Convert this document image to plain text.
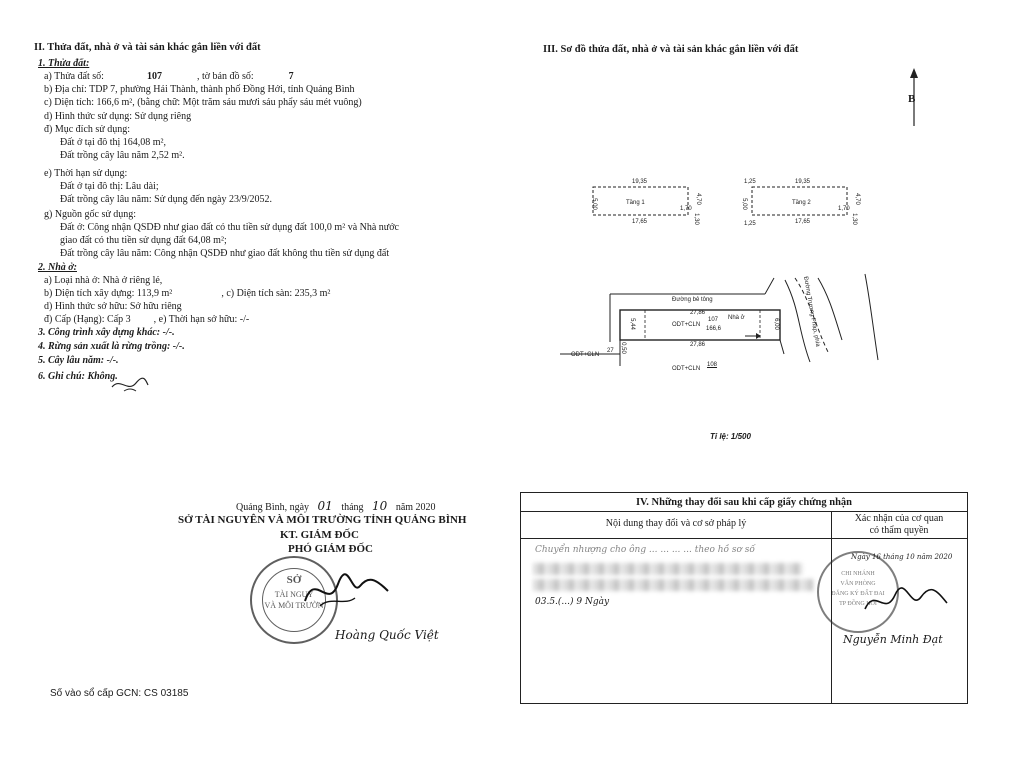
II. Thửa đất, nhà ở và tài sản khác gắn liền với đất
1. Thửa đất:
a) Thửa đất số:	107	, tờ bản đồ số:	7
b) Địa chỉ: TDP 7, phường Hải Thành, thành phố Đồng Hới, tỉnh Quảng Bình
c) Diện tích: 166,6 m², (bằng chữ: Một trăm sáu mươi sáu phẩy sáu mét vuông)
d) Hình thức sử dụng: Sử dụng riêng
đ) Mục đích sử dụng:
Đất ở tại đô thị 164,08 m²,
Đất trồng cây lâu năm 2,52 m².
e) Thời hạn sử dụng:
Đất ở tại đô thị: Lâu dài;
Đất trồng cây lâu năm: Sử dụng đến ngày 23/9/2052.
g) Nguồn gốc sử dụng:
Đất ở: Công nhận QSDĐ như giao đất có thu tiền sử dụng đất 100,0 m² và Nhà nước
giao đất có thu tiền sử dụng đất 64,08 m²;
Đất trồng cây lâu năm: Công nhận QSDĐ như giao đất không thu tiền sử dụng đất
2. Nhà ở:
a) Loại nhà ở: Nhà ở riêng lẻ,
b) Diện tích xây dựng: 113,9 m²	, c) Diện tích sàn: 235,3 m²
d) Hình thức sở hữu: Sở hữu riêng
đ) Cấp (Hạng): Cấp 3 , e) Thời hạn sở hữu: -/-
3. Công trình xây dựng khác: -/-.
4. Rừng sản xuất là rừng trồng: -/-.
5. Cây lâu năm: -/-.
6. Ghi chú: Không.
Quảng Bình, ngày 01 tháng 10 năm 2020
SỞ TÀI NGUYÊN VÀ MÔI TRƯỜNG TỈNH QUẢNG BÌNH
KT. GIÁM ĐỐC
PHÓ GIÁM ĐỐC
SỞ
TÀI NGUY
VÀ MÔI TRƯỜN
Hoàng Quốc Việt
Số vào sổ cấp GCN: CS 03185
III. Sơ đồ thửa đất, nhà ở và tài sản khác gắn liền với đất
B
19,35
Tầng 1
17,65
5,00	4,70
1,70
1,30
1,25	19,35
Tầng 2
1,25	17,65
5,00	4,70
1,70
1,30
Đường bê tông	Đường Trương Pháp, phía
27,86
ODT+CLN
107
166,6
Nhà ở
27,86
5,44	6,00
0,50
ODT+CLN
27
ODT+CLN
108
Tỉ lệ: 1/500
IV. Những thay đổi sau khi cấp giấy chứng nhận
Nội dung thay đổi và cơ sở pháp lý	Xác nhận của cơ quan
có thẩm quyền
Chuyển nhượng cho ông ... ... ... ... theo hồ sơ số
03.5.(...) 9 Ngày
CHI NHÁNH
VĂN PHÒNG
ĐĂNG KÝ ĐẤT ĐAI
TP ĐỒNG HỚI
Ngày 16 tháng 10 năm 2020
Nguyễn Minh Đạt
